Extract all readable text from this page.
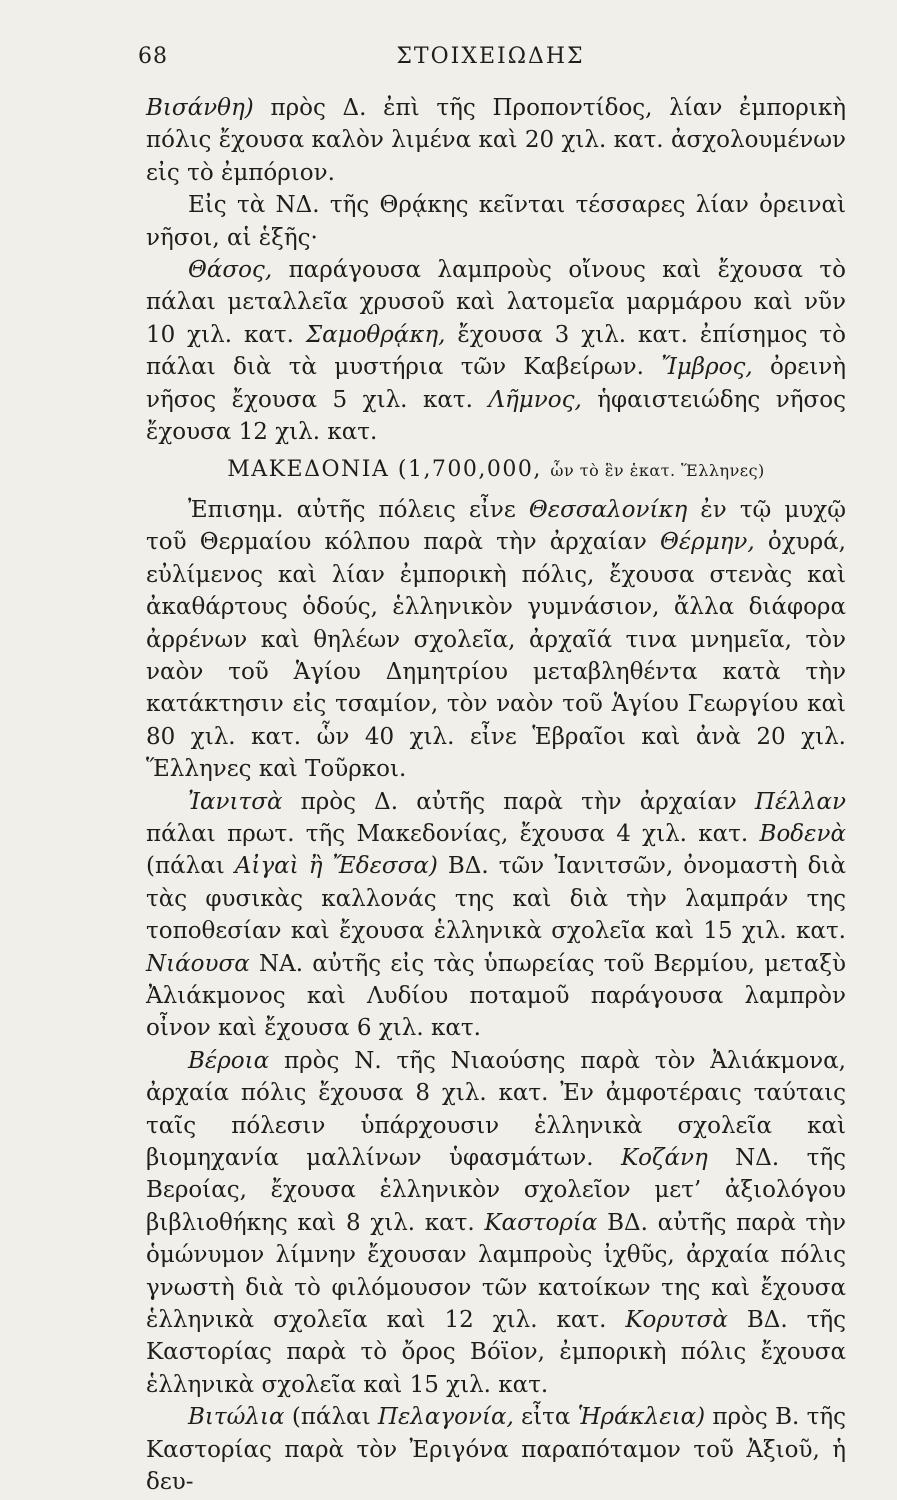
68	ΣΤΟΙΧΕΙΩΔΗΣ

Βισάνθη) πρὸς Δ. ἐπὶ τῆς Προποντίδος, λίαν ἐμπορικὴ πόλις ἔχουσα καλὸν λιμένα καὶ 20 χιλ. κατ. ἀσχολουμένων εἰς τὸ ἐμπόριον.

Εἰς τὰ ΝΔ. τῆς Θρᾴκης κεῖνται τέσσαρες λίαν ὀρειναὶ νῆσοι, αἱ ἑξῆς·

Θάσος, παράγουσα λαμπροὺς οἴνους καὶ ἔχουσα τὸ πάλαι μεταλλεῖα χρυσοῦ καὶ λατομεῖα μαρμάρου καὶ νῦν 10 χιλ. κατ. Σαμοθρᾴκη, ἔχουσα 3 χιλ. κατ. ἐπίσημος τὸ πάλαι διὰ τὰ μυστήρια τῶν Καβείρων. Ἴμβρος, ὀρεινὴ νῆσος ἔχουσα 5 χιλ. κατ. Λῆμνος, ἡφαιστειώδης νῆσος ἔχουσα 12 χιλ. κατ.

ΜΑΚΕΔΟΝΙΑ (1,700,000, ὧν τὸ ἓν ἑκατ. Ἕλληνες)

Ἐπισημ. αὐτῆς πόλεις εἶνε Θεσσαλονίκη ἐν τῷ μυχῷ τοῦ Θερμαίου κόλπου παρὰ τὴν ἀρχαίαν Θέρμην, ὀχυρά, εὐλίμενος καὶ λίαν ἐμπορικὴ πόλις, ἔχουσα στενὰς καὶ ἀκαθάρτους ὁδούς, ἑλληνικὸν γυμνάσιον, ἄλλα διάφορα ἀρρένων καὶ θηλέων σχολεῖα, ἀρχαῖά τινα μνημεῖα, τὸν ναὸν τοῦ Ἁγίου Δημητρίου μεταβληθέντα κατὰ τὴν κατάκτησιν εἰς τσαμίον, τὸν ναὸν τοῦ Ἁγίου Γεωργίου καὶ 80 χιλ. κατ. ὧν 40 χιλ. εἶνε Ἑβραῖοι καὶ ἀνὰ 20 χιλ. Ἕλληνες καὶ Τοῦρκοι.

Ἰανιτσὰ πρὸς Δ. αὐτῆς παρὰ τὴν ἀρχαίαν Πέλλαν πάλαι πρωτ. τῆς Μακεδονίας, ἔχουσα 4 χιλ. κατ. Βοδενὰ (πάλαι Αἰγαὶ ἢ Ἔδεσσα) ΒΔ. τῶν Ἰανιτσῶν, ὀνομαστὴ διὰ τὰς φυσικὰς καλλονάς της καὶ διὰ τὴν λαμπράν της τοποθεσίαν καὶ ἔχουσα ἑλληνικὰ σχολεῖα καὶ 15 χιλ. κατ. Νιάουσα ΝΑ. αὐτῆς εἰς τὰς ὑπωρείας τοῦ Βερμίου, μεταξὺ Ἀλιάκμονος καὶ Λυδίου ποταμοῦ παράγουσα λαμπρὸν οἶνον καὶ ἔχουσα 6 χιλ. κατ.

Βέροια πρὸς Ν. τῆς Νιαούσης παρὰ τὸν Ἀλιάκμονα, ἀρχαία πόλις ἔχουσα 8 χιλ. κατ. Ἐν ἀμφοτέραις ταύταις ταῖς πόλεσιν ὑπάρχουσιν ἑλληνικὰ σχολεῖα καὶ βιομηχανία μαλλίνων ὑφασμάτων. Κοζάνη ΝΔ. τῆς Βεροίας, ἔχουσα ἑλληνικὸν σχολεῖον μετ’ ἀξιολόγου βιβλιοθήκης καὶ 8 χιλ. κατ. Καστορία ΒΔ. αὐτῆς παρὰ τὴν ὁμώνυμον λίμνην ἔχουσαν λαμπροὺς ἰχθῦς, ἀρχαία πόλις γνωστὴ διὰ τὸ φιλόμουσον τῶν κατοίκων της καὶ ἔχουσα ἑλληνικὰ σχολεῖα καὶ 12 χιλ. κατ. Κορυτσὰ ΒΔ. τῆς Καστορίας παρὰ τὸ ὄρος Βόϊον, ἐμπορικὴ πόλις ἔχουσα ἑλληνικὰ σχολεῖα καὶ 15 χιλ. κατ.

Βιτώλια (πάλαι Πελαγονία, εἶτα Ἡράκλεια) πρὸς Β. τῆς Καστορίας παρὰ τὸν Ἐριγόνα παραπόταμον τοῦ Ἀξιοῦ, ἡ δευ-
